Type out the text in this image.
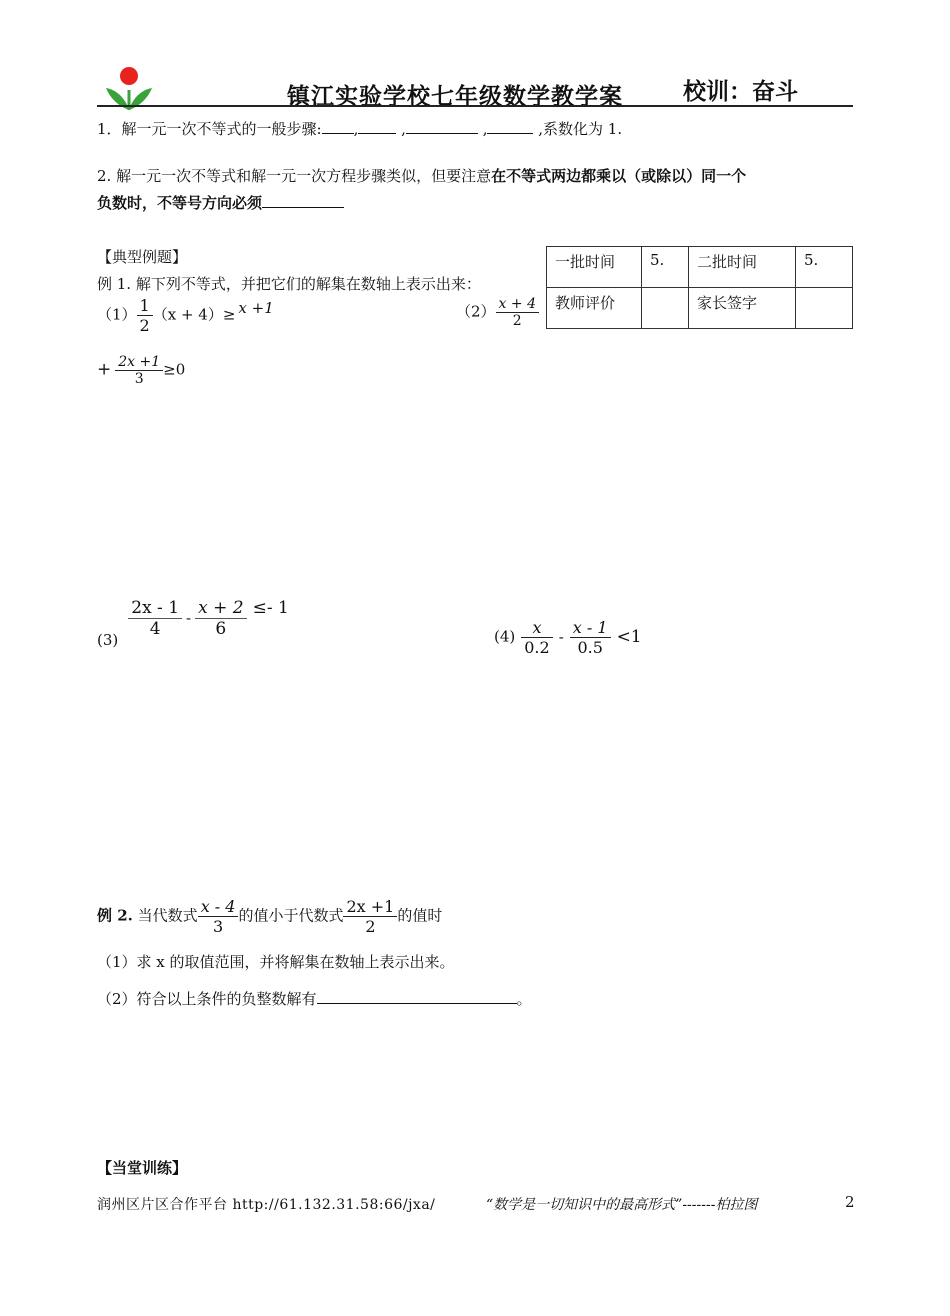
镇江实验学校七年级数学教学案	校训：奋斗
1．解一元一次不等式的一般步骤: ,	,	,	,系数化为 1.
2. 解一元一次不等式和解一元一次方程步骤类似，但要注意在不等式两边都乘以（或除以）同一个
负数时，不等号方向必须
一批时间	5.	二批时间	5.
教师评价		家长签字	
【典型例题】
例 1. 解下列不等式，并把它们的解集在数轴上表示出来：
$(1) \frac{1}{2} (x + 4)\ge x +1$	$(2) \frac{x + 4}{2}$
+ $\frac{2x +1}{3} \ge 0$
(3)
$\frac{2x - 1}{4} - \frac{x + 2}{6} \le- 1$
$(4) \frac{x}{0.2} - \frac{x - 1}{0.5} <1$
例 2. 当代数式 $\frac{x - 4}{3}$ 的值小于代数式 $\frac{2x +1}{2}$ 的值时
（1）求 x 的取值范围，并将解集在数轴上表示出来。
（2）符合以上条件的负整数解有	。
【当堂训练】
润州区片区合作平台 http://61.132.31.58:66/jxa/	“数学是一切知识中的最高形式”-------柏拉图	2
